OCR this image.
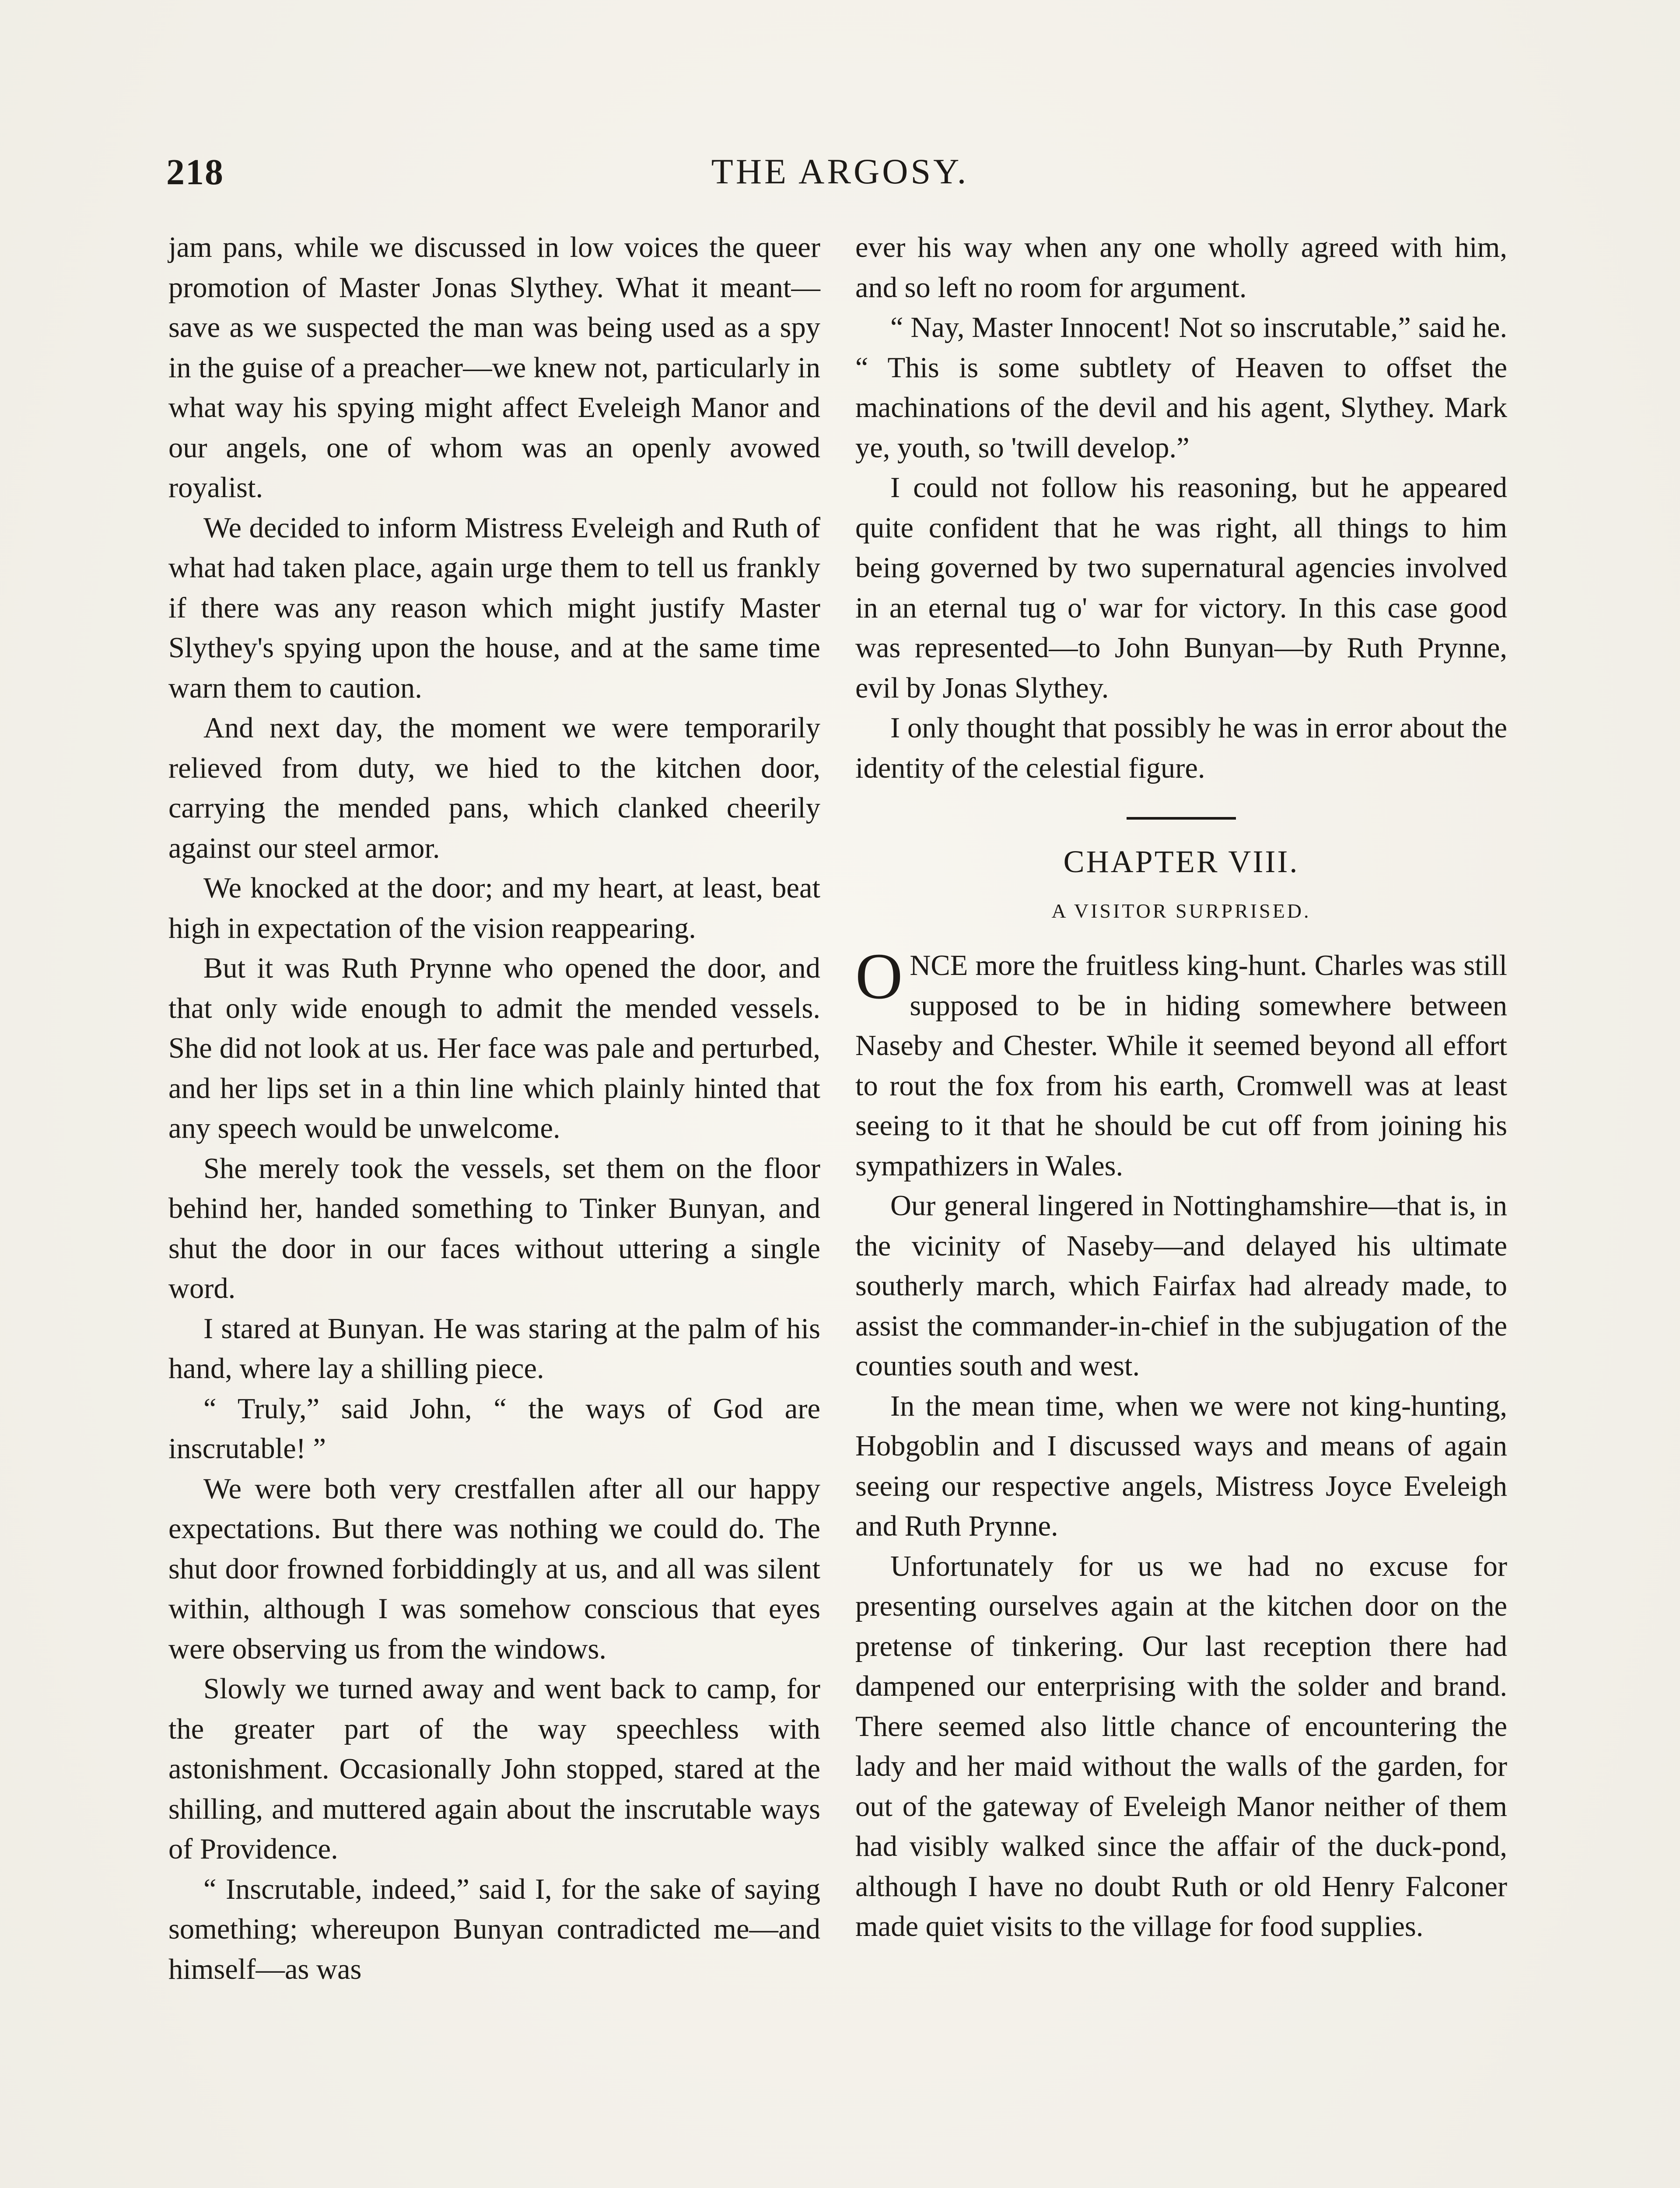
218	THE ARGOSY.

jam pans, while we discussed in low voices the queer promotion of Master Jonas Slythey. What it meant—save as we suspected the man was being used as a spy in the guise of a preacher—we knew not, particularly in what way his spying might affect Eveleigh Manor and our angels, one of whom was an openly avowed royalist.

We decided to inform Mistress Eveleigh and Ruth of what had taken place, again urge them to tell us frankly if there was any reason which might justify Master Slythey's spying upon the house, and at the same time warn them to caution.

And next day, the moment we were temporarily relieved from duty, we hied to the kitchen door, carrying the mended pans, which clanked cheerily against our steel armor.

We knocked at the door; and my heart, at least, beat high in expectation of the vision reappearing.

But it was Ruth Prynne who opened the door, and that only wide enough to admit the mended vessels. She did not look at us. Her face was pale and perturbed, and her lips set in a thin line which plainly hinted that any speech would be unwelcome.

She merely took the vessels, set them on the floor behind her, handed something to Tinker Bunyan, and shut the door in our faces without uttering a single word.

I stared at Bunyan. He was staring at the palm of his hand, where lay a shilling piece.

“ Truly,” said John, “ the ways of God are inscrutable! ”

We were both very crestfallen after all our happy expectations. But there was nothing we could do. The shut door frowned forbiddingly at us, and all was silent within, although I was somehow conscious that eyes were observing us from the windows.

Slowly we turned away and went back to camp, for the greater part of the way speechless with astonishment. Occasionally John stopped, stared at the shilling, and muttered again about the inscrutable ways of Providence.

“ Inscrutable, indeed,” said I, for the sake of saying something; whereupon Bunyan contradicted me—and himself—as was

ever his way when any one wholly agreed with him, and so left no room for argument.

“ Nay, Master Innocent! Not so inscrutable,” said he. “ This is some subtlety of Heaven to offset the machinations of the devil and his agent, Slythey. Mark ye, youth, so 'twill develop.”

I could not follow his reasoning, but he appeared quite confident that he was right, all things to him being governed by two supernatural agencies involved in an eternal tug o' war for victory. In this case good was represented—to John Bunyan—by Ruth Prynne, evil by Jonas Slythey.

I only thought that possibly he was in error about the identity of the celestial figure.

CHAPTER VIII.
A VISITOR SURPRISED.

ONCE more the fruitless king-hunt. Charles was still supposed to be in hiding somewhere between Naseby and Chester. While it seemed beyond all effort to rout the fox from his earth, Cromwell was at least seeing to it that he should be cut off from joining his sympathizers in Wales.

Our general lingered in Nottinghamshire—that is, in the vicinity of Naseby—and delayed his ultimate southerly march, which Fairfax had already made, to assist the commander-in-chief in the subjugation of the counties south and west.

In the mean time, when we were not king-hunting, Hobgoblin and I discussed ways and means of again seeing our respective angels, Mistress Joyce Eveleigh and Ruth Prynne.

Unfortunately for us we had no excuse for presenting ourselves again at the kitchen door on the pretense of tinkering. Our last reception there had dampened our enterprising with the solder and brand. There seemed also little chance of encountering the lady and her maid without the walls of the garden, for out of the gateway of Eveleigh Manor neither of them had visibly walked since the affair of the duck-pond, although I have no doubt Ruth or old Henry Falconer made quiet visits to the village for food supplies.
